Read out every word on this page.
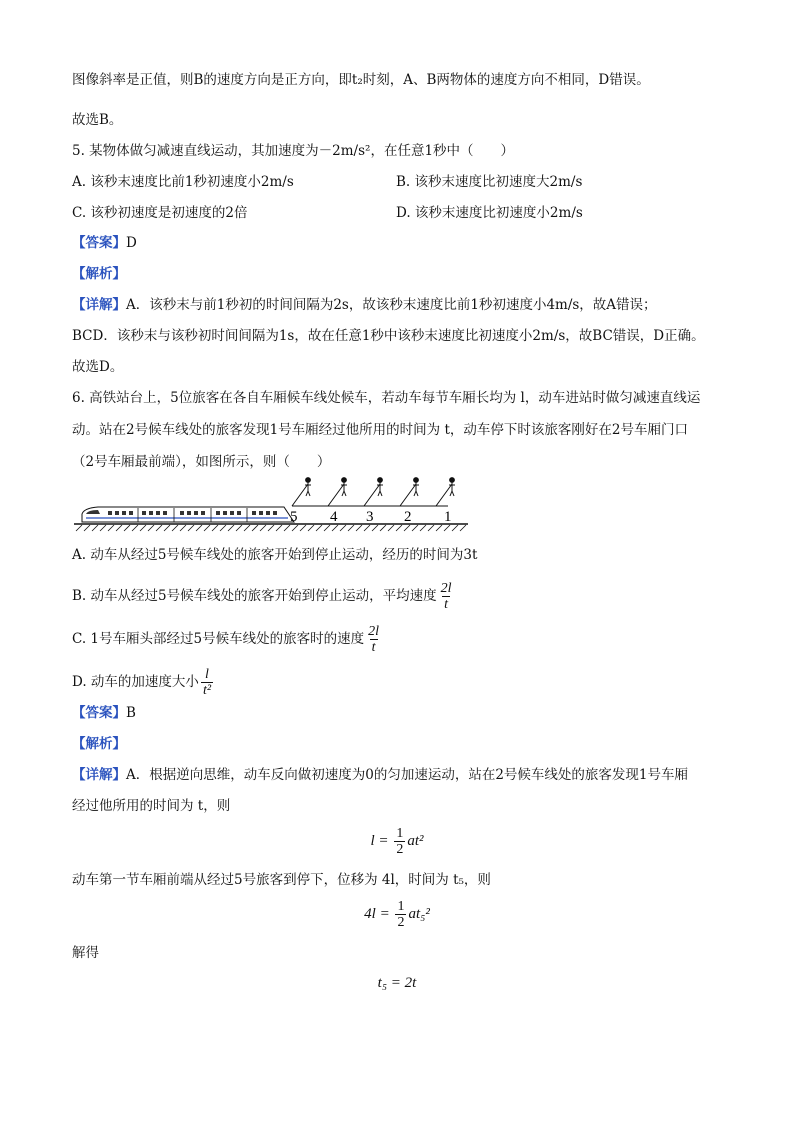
图像斜率是正值，则B的速度方向是正方向，即t₂时刻，A、B两物体的速度方向不相同，D错误。
故选B。
5. 某物体做匀减速直线运动，其加速度为－2m/s²，在任意1秒中（　　）
A. 该秒末速度比前1秒初速度小2m/s	B. 该秒末速度比初速度大2m/s
C. 该秒初速度是初速度的2倍	D. 该秒末速度比初速度小2m/s
【答案】D
【解析】
【详解】A．该秒末与前1秒初的时间间隔为2s，故该秒末速度比前1秒初速度小4m/s，故A错误；
BCD．该秒末与该秒初时间间隔为1s，故在任意1秒中该秒末速度比初速度小2m/s，故BC错误，D正确。
故选D。
6. 高铁站台上，5位旅客在各自车厢候车线处候车，若动车每节车厢长均为 l，动车进站时做匀减速直线运
动。站在2号候车线处的旅客发现1号车厢经过他所用的时间为 t，动车停下时该旅客刚好在2号车厢门口
（2号车厢最前端），如图所示，则（　　）
5 4 3 2 1
A. 动车从经过5号候车线处的旅客开始到停止运动，经历的时间为3t
B. 动车从经过5号候车线处的旅客开始到停止运动，平均速度 $\frac{2l}{t}$
C. 1号车厢头部经过5号候车线处的旅客时的速度 $\frac{2l}{t}$
D. 动车的加速度大小 $\frac{l}{\text{t²}}$
【答案】B
【解析】
【详解】A．根据逆向思维，动车反向做初速度为0的匀加速运动，站在2号候车线处的旅客发现1号车厢
经过他所用的时间为 t，则
$l = \frac{1}{2} at^2$
动车第一节车厢前端从经过5号旅客到停下，位移为 4l，时间为 t₅，则
$4l = \frac{1}{2} at_5^2$
解得
t₅ = 2t
